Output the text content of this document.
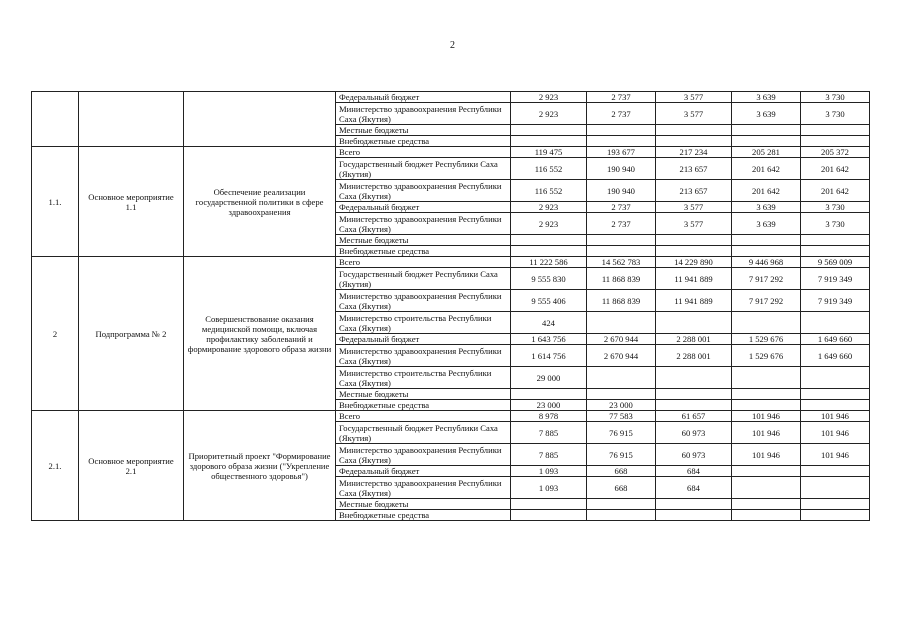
2
			Федеральный бюджет	2 923	2 737	3 577	3 639	3 730
			Министерство здравоохранения Республики Саха (Якутия)	2 923	2 737	3 577	3 639	3 730
			Местные бюджеты					
			Внебюджетные средства					
1.1.	Основное мероприятие 1.1	Обеспечение реализации государственной политики в сфере здравоохранения	Всего	119 475	193 677	217 234	205 281	205 372
			Государственный бюджет Республики Саха (Якутия)	116 552	190 940	213 657	201 642	201 642
			Министерство здравоохранения Республики Саха (Якутия)	116 552	190 940	213 657	201 642	201 642
			Федеральный бюджет	2 923	2 737	3 577	3 639	3 730
			Министерство здравоохранения Республики Саха (Якутия)	2 923	2 737	3 577	3 639	3 730
			Местные бюджеты					
			Внебюджетные средства					
2	Подпрограмма № 2	Совершенствование оказания медицинской помощи, включая профилактику заболеваний и формирование здорового образа жизни	Всего	11 222 586	14 562 783	14 229 890	9 446 968	9 569 009
			Государственный бюджет Республики Саха (Якутия)	9 555 830	11 868 839	11 941 889	7 917 292	7 919 349
			Министерство здравоохранения Республики Саха (Якутия)	9 555 406	11 868 839	11 941 889	7 917 292	7 919 349
			Министерство строительства Республики Саха (Якутия)	424				
			Федеральный бюджет	1 643 756	2 670 944	2 288 001	1 529 676	1 649 660
			Министерство здравоохранения Республики Саха (Якутия)	1 614 756	2 670 944	2 288 001	1 529 676	1 649 660
			Министерство строительства Республики Саха (Якутия)	29 000				
			Местные бюджеты					
			Внебюджетные средства	23 000	23 000			
2.1.	Основное мероприятие 2.1	Приоритетный проект "Формирование здорового образа жизни ("Укрепление общественного здоровья")	Всего	8 978	77 583	61 657	101 946	101 946
			Государственный бюджет Республики Саха (Якутия)	7 885	76 915	60 973	101 946	101 946
			Министерство здравоохранения Республики Саха (Якутия)	7 885	76 915	60 973	101 946	101 946
			Федеральный бюджет	1 093	668	684		
			Министерство здравоохранения Республики Саха (Якутия)	1 093	668	684		
			Местные бюджеты					
			Внебюджетные средства					
